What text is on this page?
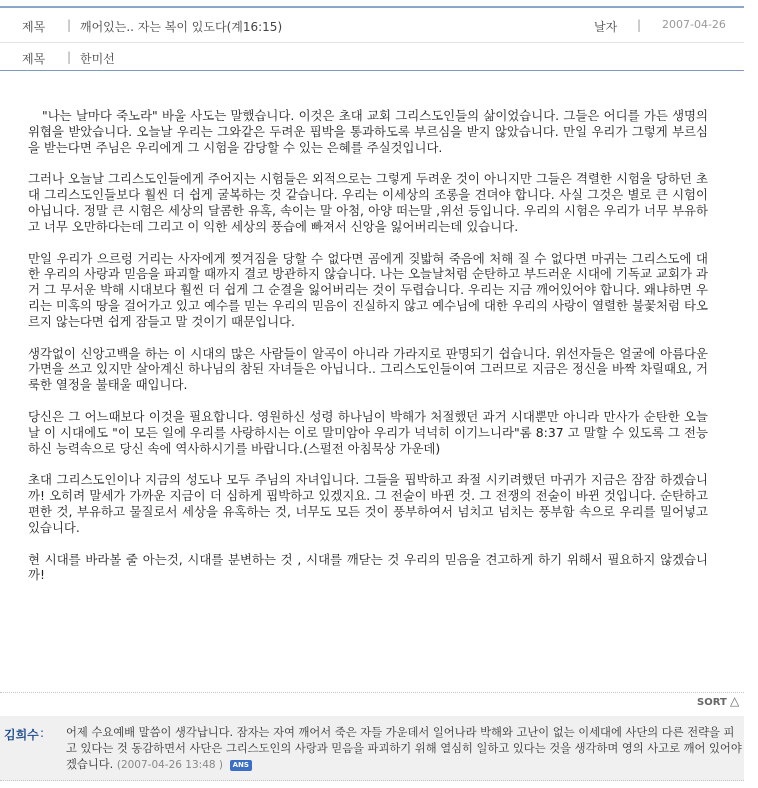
제목 | 깨어있는.. 자는 복이 있도다(계16:15)	날자 | 2007-04-26
제목 | 한미선

"나는 날마다 죽노라" 바울 사도는 말했습니다. 이것은 초대 교회 그리스도인들의 삶이었습니다. 그들은 어디를 가든 생명의 위협을 받았습니다. 오늘날 우리는 그와같은 두려운 핍박을 통과하도록 부르심을 받지 않았습니다. 만일 우리가 그렇게 부르심을 받는다면 주님은 우리에게 그 시험을 감당할 수 있는 은혜를 주실것입니다.

그러나 오늘날 그리스도인들에게 주어지는 시험들은 외적으로는 그렇게 두려운 것이 아니지만 그들은 격렬한 시험을 당하던 초대 그리스도인들보다 훨씬 더 쉽게 굴복하는 것 같습니다. 우리는 이세상의 조롱을 견뎌야 합니다. 사실 그것은 별로 큰 시험이 아닙니다. 정말 큰 시험은 세상의 달콤한 유혹, 속이는 말 아첨, 아양 떠는말 ,위선 등입니다. 우리의 시험은 우리가 너무 부유하고 너무 오만하다는데 그리고 이 익한 세상의 풍습에 빠져서 신앙을 잃어버리는데 있습니다.

만일 우리가 으르렁 거리는 사자에게 찢겨짐을 당할 수 없다면 곰에게 짖밟혀 죽음에 처해 질 수 없다면 마귀는 그리스도에 대한 우리의 사랑과 믿음을 파괴할 때까지 결코 방관하지 않습니다. 나는 오늘날처럼 순탄하고 부드러운 시대에 기독교 교회가 과거 그 무서운 박해 시대보다 훨씬 더 쉽게 그 순결을 잃어버리는 것이 두렵습니다. 우리는 지금 깨어있어야 합니다. 왜냐하면 우리는 미혹의 땅을 걸어가고 있고 예수를 믿는 우리의 믿음이 진실하지 않고 예수님에 대한 우리의 사랑이 열렬한 불꽃처럼 타오르지 않는다면 쉽게 잠들고 말 것이기 때문입니다.

생각없이 신앙고백을 하는 이 시대의 많은 사람들이 알곡이 아니라 가라지로 판명되기 쉽습니다. 위선자들은 얼굴에 아름다운 가면을 쓰고 있지만 살아계신 하나님의 참된 자녀들은 아닙니다.. 그리스도인들이여 그러므로 지금은 정신을 바짝 차릴때요, 거룩한 열정을 불태울 때입니다.

당신은 그 어느때보다 이것을 필요합니다. 영원하신 성령 하나님이 박해가 처절했던 과거 시대뿐만 아니라 만사가 순탄한 오늘날 이 시대에도 "이 모든 일에 우리를 사랑하시는 이로 말미암아 우리가 넉넉히 이기느니라"롬 8:37 고 말할 수 있도록 그 전능하신 능력속으로 당신 속에 역사하시기를 바랍니다.(스펄전 아침묵상 가운데)

초대 그리스도인이나 지금의 성도나 모두 주님의 자녀입니다. 그들을 핍박하고 좌절 시키려했던 마귀가 지금은 잠잠 하겠습니까! 오히려 말세가 가까운 지금이 더 심하게 핍박하고 있겠지요. 그 전술이 바뀐 것. 그 전쟁의 전술이 바뀐 것입니다. 순탄하고 편한 것, 부유하고 물질로서 세상을 유혹하는 것, 너무도 모든 것이 풍부하여서 넘치고 넘치는 풍부함 속으로 우리를 밀어넣고 있습니다.

현 시대를 바라볼 줄 아는것, 시대를 분변하는 것 , 시대를 깨닫는 것 우리의 믿음을 견고하게 하기 위해서 필요하지 않겠습니까!

SORT △
김희수 : 어제 수요예배 말씀이 생각납니다. 잠자는 자여 깨어서 죽은 자들 가운데서 일어나라 박해와 고난이 없는 이세대에 사단의 다른 전략을 피고 있다는 것 동감하면서 사단은 그리스도인의 사랑과 믿음을 파괴하기 위해 열심히 일하고 있다는 것을 생각하며 영의 사고로 깨어 있어야 겠습니다. (2007-04-26 13:48 ) ANS
